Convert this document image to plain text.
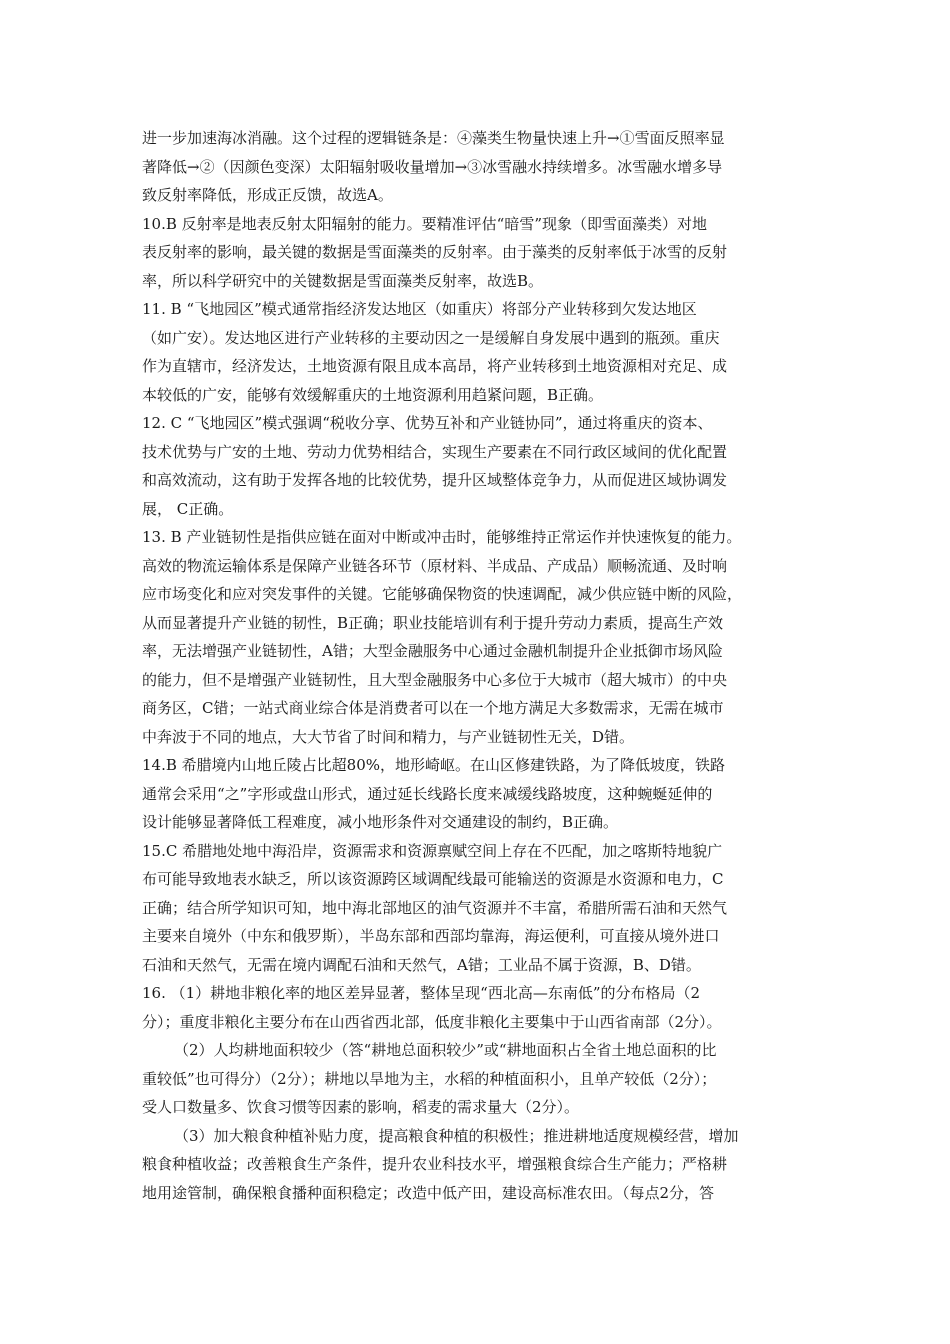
进一步加速海冰消融。这个过程的逻辑链条是：④藻类生物量快速上升→①雪面反照率显
著降低→②（因颜色变深）太阳辐射吸收量增加→③冰雪融水持续增多。冰雪融水增多导
致反射率降低，形成正反馈，故选A。
10.B 反射率是地表反射太阳辐射的能力。要精准评估“暗雪”现象（即雪面藻类）对地
表反射率的影响，最关键的数据是雪面藻类的反射率。由于藻类的反射率低于冰雪的反射
率，所以科学研究中的关键数据是雪面藻类反射率，故选B。
11. B “飞地园区”模式通常指经济发达地区（如重庆）将部分产业转移到欠发达地区
（如广安）。发达地区进行产业转移的主要动因之一是缓解自身发展中遇到的瓶颈。重庆
作为直辖市，经济发达，土地资源有限且成本高昂，将产业转移到土地资源相对充足、成
本较低的广安，能够有效缓解重庆的土地资源利用趋紧问题，B正确。
12. C “飞地园区”模式强调“税收分享、优势互补和产业链协同”，通过将重庆的资本、
技术优势与广安的土地、劳动力优势相结合，实现生产要素在不同行政区域间的优化配置
和高效流动，这有助于发挥各地的比较优势，提升区域整体竞争力，从而促进区域协调发
展， C正确。
13. B 产业链韧性是指供应链在面对中断或冲击时，能够维持正常运作并快速恢复的能力。
高效的物流运输体系是保障产业链各环节（原材料、半成品、产成品）顺畅流通、及时响
应市场变化和应对突发事件的关键。它能够确保物资的快速调配，减少供应链中断的风险，
从而显著提升产业链的韧性，B正确；职业技能培训有利于提升劳动力素质，提高生产效
率，无法增强产业链韧性，A错；大型金融服务中心通过金融机制提升企业抵御市场风险
的能力，但不是增强产业链韧性，且大型金融服务中心多位于大城市（超大城市）的中央
商务区，C错；一站式商业综合体是消费者可以在一个地方满足大多数需求，无需在城市
中奔波于不同的地点，大大节省了时间和精力，与产业链韧性无关，D错。
14.B 希腊境内山地丘陵占比超80%，地形崎岖。在山区修建铁路，为了降低坡度，铁路
通常会采用“之”字形或盘山形式，通过延长线路长度来减缓线路坡度，这种蜿蜒延伸的
设计能够显著降低工程难度，减小地形条件对交通建设的制约，B正确。
15.C 希腊地处地中海沿岸，资源需求和资源禀赋空间上存在不匹配，加之喀斯特地貌广
布可能导致地表水缺乏，所以该资源跨区域调配线最可能输送的资源是水资源和电力，C
正确；结合所学知识可知，地中海北部地区的油气资源并不丰富，希腊所需石油和天然气
主要来自境外（中东和俄罗斯），半岛东部和西部均靠海，海运便利，可直接从境外进口
石油和天然气，无需在境内调配石油和天然气，A错；工业品不属于资源，B、D错。
16. （1）耕地非粮化率的地区差异显著，整体呈现“西北高—东南低”的分布格局（2
分）；重度非粮化主要分布在山西省西北部，低度非粮化主要集中于山西省南部（2分）。
（2）人均耕地面积较少（答“耕地总面积较少”或“耕地面积占全省土地总面积的比
重较低”也可得分）（2分）；耕地以旱地为主，水稻的种植面积小，且单产较低（2分）；
受人口数量多、饮食习惯等因素的影响，稻麦的需求量大（2分）。
（3）加大粮食种植补贴力度，提高粮食种植的积极性；推进耕地适度规模经营，增加
粮食种植收益；改善粮食生产条件，提升农业科技水平，增强粮食综合生产能力；严格耕
地用途管制，确保粮食播种面积稳定；改造中低产田，建设高标准农田。（每点2分，答
